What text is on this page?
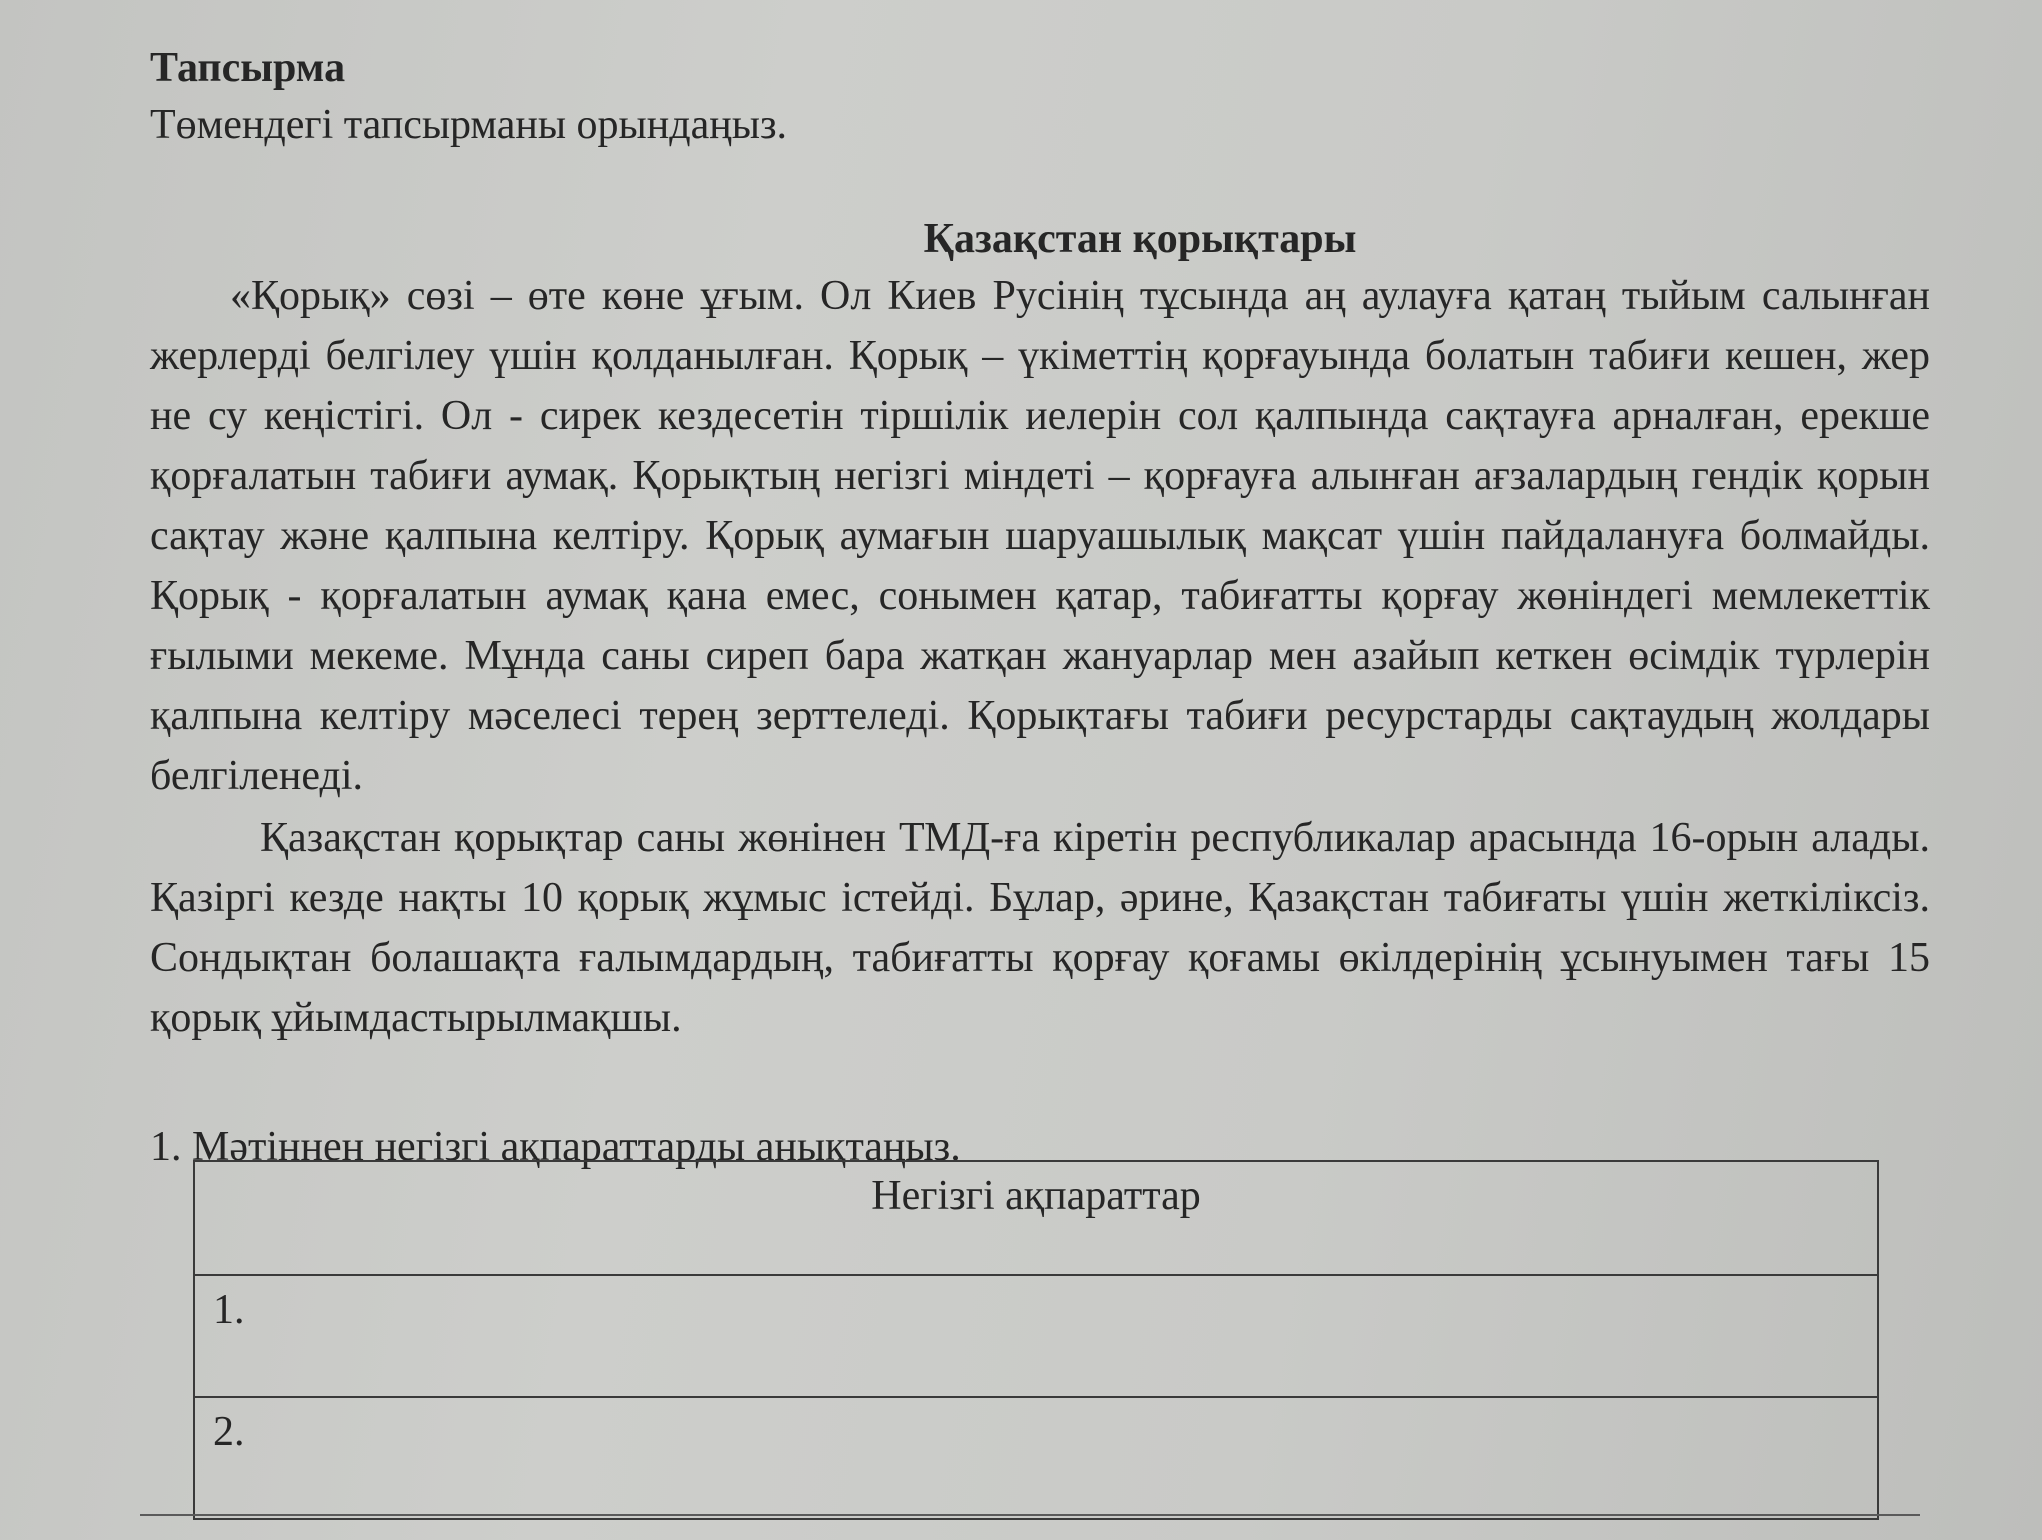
Тапсырма
Төмендегі тапсырманы орындаңыз.
Қазақстан қорықтары

«Қорық» сөзі – өте көне ұғым. Ол Киев Русінің тұсында аң аулауға қатаң тыйым салынған жерлерді белгілеу үшін қолданылған. Қорық – үкіметтің қорғауында болатын табиғи кешен, жер не су кеңістігі. Ол - сирек кездесетін тіршілік иелерін сол қалпында сақтауға арналған, ерекше қорғалатын табиғи аумақ. Қорықтың негізгі міндеті – қорғауға алынған ағзалардың гендік қорын сақтау және қалпына келтіру. Қорық аумағын шаруашылық мақсат үшін пайдалануға болмайды. Қорық - қорғалатын аумақ қана емес, сонымен қатар, табиғатты қорғау жөніндегі мемлекеттік ғылыми мекеме. Мұнда саны сиреп бара жатқан жануарлар мен азайып кеткен өсімдік түрлерін қалпына келтіру мәселесі терең зерттеледі. Қорықтағы табиғи ресурстарды сақтаудың жолдары белгіленеді.

Қазақстан қорықтар саны жөнінен ТМД-ға кіретін республикалар арасында 16-орын алады. Қазіргі кезде нақты 10 қорық жұмыс істейді. Бұлар, әрине, Қазақстан табиғаты үшін жеткіліксіз. Сондықтан болашақта ғалымдардың, табиғатты қорғау қоғамы өкілдерінің ұсынуымен тағы 15 қорық ұйымдастырылмақшы.

1. Мәтіннен негізгі ақпараттарды анықтаңыз.
Негізгі ақпараттар
1.
2.
